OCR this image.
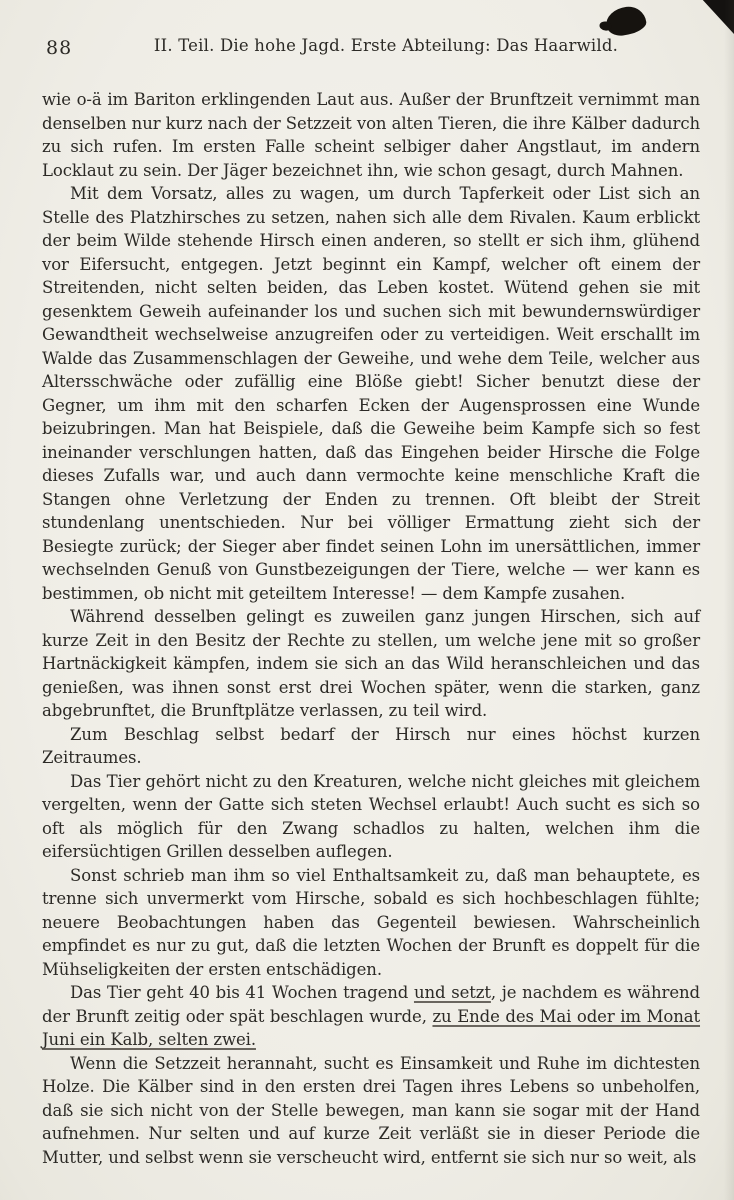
88	II. Teil. Die hohe Jagd. Erste Abteilung: Das Haarwild.

wie o-ä im Bariton erklingenden Laut aus. Außer der Brunftzeit vernimmt man denselben nur kurz nach der Setzzeit von alten Tieren, die ihre Kälber dadurch zu sich rufen. Im ersten Falle scheint selbiger daher Angstlaut, im andern Locklaut zu sein. Der Jäger bezeichnet ihn, wie schon gesagt, durch Mahnen.

Mit dem Vorsatz, alles zu wagen, um durch Tapferkeit oder List sich an Stelle des Platzhirsches zu setzen, nahen sich alle dem Rivalen. Kaum erblickt der beim Wilde stehende Hirsch einen anderen, so stellt er sich ihm, glühend vor Eifersucht, entgegen. Jetzt beginnt ein Kampf, welcher oft einem der Streitenden, nicht selten beiden, das Leben kostet. Wütend gehen sie mit gesenktem Geweih aufeinander los und suchen sich mit bewundernswürdiger Gewandtheit wechselweise anzugreifen oder zu verteidigen. Weit erschallt im Walde das Zusammenschlagen der Geweihe, und wehe dem Teile, welcher aus Altersschwäche oder zufällig eine Blöße giebt! Sicher benutzt diese der Gegner, um ihm mit den scharfen Ecken der Augensprossen eine Wunde beizubringen. Man hat Beispiele, daß die Geweihe beim Kampfe sich so fest ineinander verschlungen hatten, daß das Eingehen beider Hirsche die Folge dieses Zufalls war, und auch dann vermochte keine menschliche Kraft die Stangen ohne Verletzung der Enden zu trennen. Oft bleibt der Streit stundenlang unentschieden. Nur bei völliger Ermattung zieht sich der Besiegte zurück; der Sieger aber findet seinen Lohn im unersättlichen, immer wechselnden Genuß von Gunstbezeigungen der Tiere, welche — wer kann es bestimmen, ob nicht mit geteiltem Interesse! — dem Kampfe zusahen.

Während desselben gelingt es zuweilen ganz jungen Hirschen, sich auf kurze Zeit in den Besitz der Rechte zu stellen, um welche jene mit so großer Hartnäckigkeit kämpfen, indem sie sich an das Wild heranschleichen und das genießen, was ihnen sonst erst drei Wochen später, wenn die starken, ganz abgebrunftet, die Brunftplätze verlassen, zu teil wird.

Zum Beschlag selbst bedarf der Hirsch nur eines höchst kurzen Zeitraumes.

Das Tier gehört nicht zu den Kreaturen, welche nicht gleiches mit gleichem vergelten, wenn der Gatte sich steten Wechsel erlaubt! Auch sucht es sich so oft als möglich für den Zwang schadlos zu halten, welchen ihm die eifersüchtigen Grillen desselben auflegen.

Sonst schrieb man ihm so viel Enthaltsamkeit zu, daß man behauptete, es trenne sich unvermerkt vom Hirsche, sobald es sich hochbeschlagen fühlte; neuere Beobachtungen haben das Gegenteil bewiesen. Wahrscheinlich empfindet es nur zu gut, daß die letzten Wochen der Brunft es doppelt für die Mühseligkeiten der ersten entschädigen.

Das Tier geht 40 bis 41 Wochen tragend und setzt, je nachdem es während der Brunft zeitig oder spät beschlagen wurde, zu Ende des Mai oder im Monat Juni ein Kalb, selten zwei.

Wenn die Setzzeit herannaht, sucht es Einsamkeit und Ruhe im dichtesten Holze. Die Kälber sind in den ersten drei Tagen ihres Lebens so unbeholfen, daß sie sich nicht von der Stelle bewegen, man kann sie sogar mit der Hand aufnehmen. Nur selten und auf kurze Zeit verläßt sie in dieser Periode die Mutter, und selbst wenn sie verscheucht wird, entfernt sie sich nur so weit, als
